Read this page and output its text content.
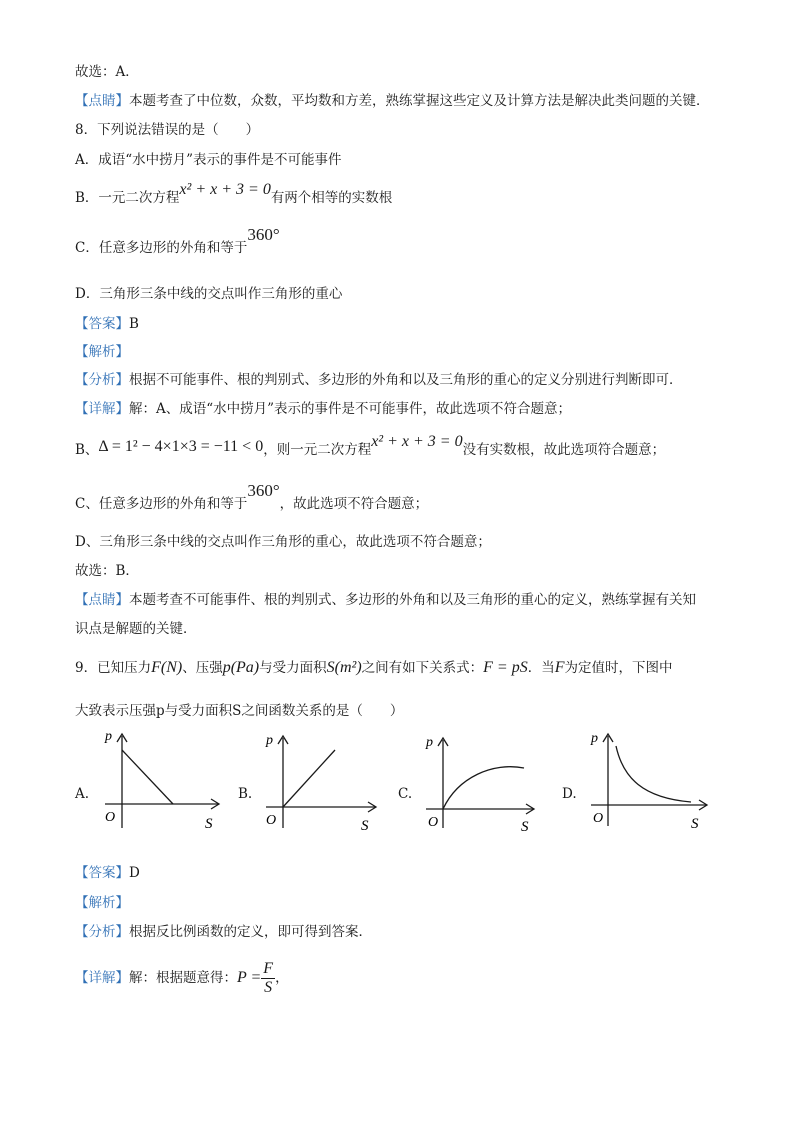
故选：A．
【点睛】本题考查了中位数，众数，平均数和方差，熟练掌握这些定义及计算方法是解决此类问题的关键．
8．下列说法错误的是（　　）
A．成语“水中捞月”表示的事件是不可能事件
B．一元二次方程x² + x + 3 = 0有两个相等的实数根
C．任意多边形的外角和等于360°
D．三角形三条中线的交点叫作三角形的重心
【答案】B
【解析】
【分析】根据不可能事件、根的判别式、多边形的外角和以及三角形的重心的定义分别进行判断即可．
【详解】解：A、成语“水中捞月”表示的事件是不可能事件，故此选项不符合题意；
B、Δ = 1² − 4×1×3 = −11 < 0，则一元二次方程x² + x + 3 = 0没有实数根，故此选项符合题意；
C、任意多边形的外角和等于360°，故此选项不符合题意；
D、三角形三条中线的交点叫作三角形的重心，故此选项不符合题意；
故选：B．
【点睛】本题考查不可能事件、根的判别式、多边形的外角和以及三角形的重心的定义，熟练掌握有关知
识点是解题的关键．
9．已知压力F(N)、压强p(Pa)与受力面积S(m²)之间有如下关系式：F = pS．当F为定值时，下图中
大致表示压强p与受力面积S之间函数关系的是（　　）
A.
p
O	S
B.
p
O	S
C.
p
O	S
D.
p
O	S
【答案】D
【解析】
【分析】根据反比例函数的定义，即可得到答案．
【详解】解：根据题意得：$P = \frac{F}{S}$ ，
